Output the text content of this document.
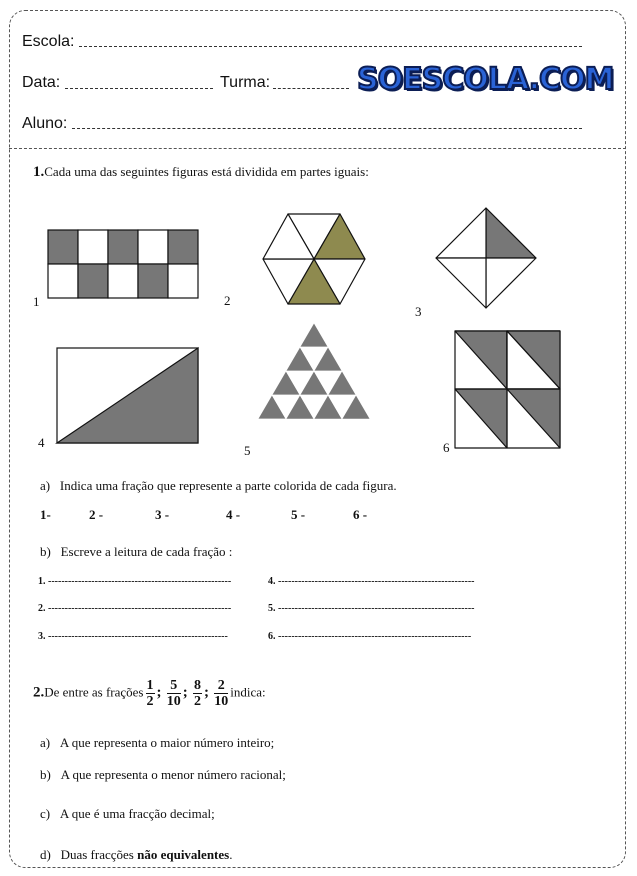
Escola:
Data:	Turma:	SOESCOLA.COM
Aluno:
1.Cada uma das seguintes figuras está dividida em partes iguais:
1	2
3
4
5	6
a) Indica uma fração que represente a parte colorida de cada figura.
1-	2 -	3 -	4 -	5 -	6 -
b) Escreve a leitura de cada fração :
1. -------------------------------------------------------	4. -----------------------------------------------------------
2. -------------------------------------------------------	5. -----------------------------------------------------------
3. ------------------------------------------------------	6. ----------------------------------------------------------
2.De entre as frações $\frac{1}{2}$ ; $\frac{5}{10}$ ; $\frac{8}{2}$ ; $\frac{2}{10}$ indica:
a) A que representa o maior número inteiro;
b) A que representa o menor número racional;
c) A que é uma fracção decimal;
d) Duas fracções não equivalentes.
